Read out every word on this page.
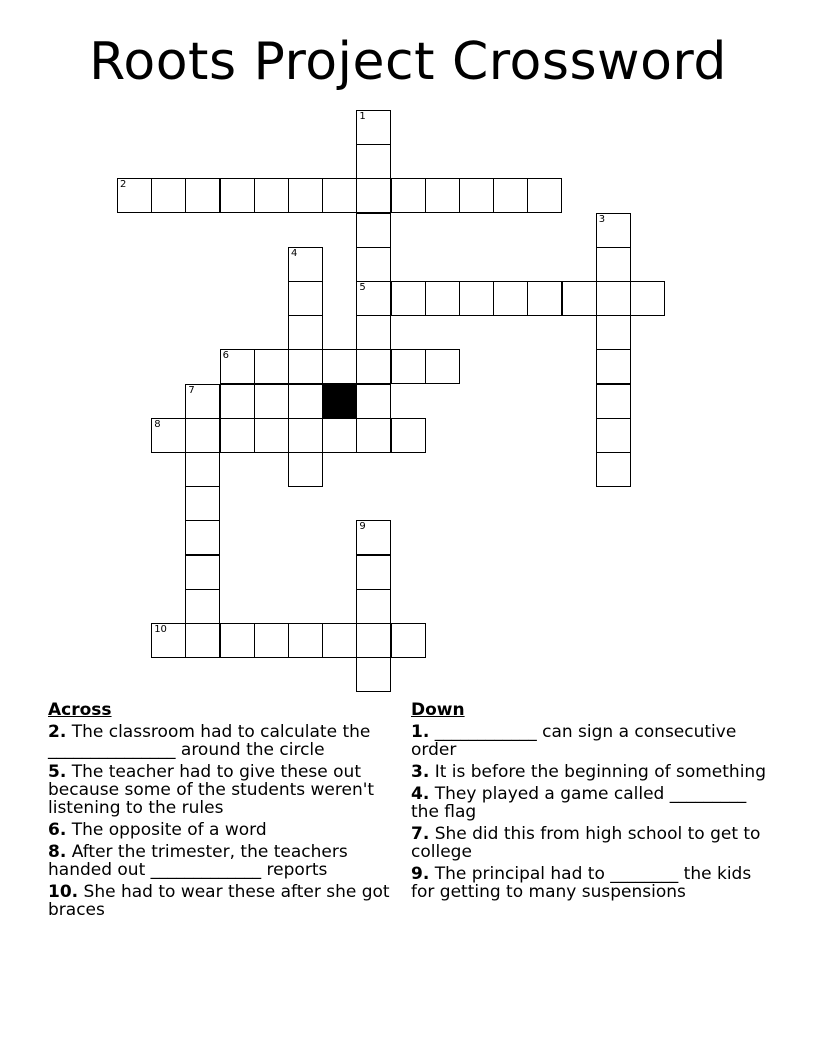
Roots Project Crossword
1
5
2
3
4
6
7
8
9
10
Across
2. The classroom had to calculate the _______________ around the circle
5. The teacher had to give these out because some of the students weren't listening to the rules
6. The opposite of a word
8. After the trimester, the teachers handed out _____________ reports
10. She had to wear these after she got braces
Down
1. ____________ can sign a consecutive order
3. It is before the beginning of something
4. They played a game called _________ the flag
7. She did this from high school to get to college
9. The principal had to ________ the kids for getting to many suspensions
